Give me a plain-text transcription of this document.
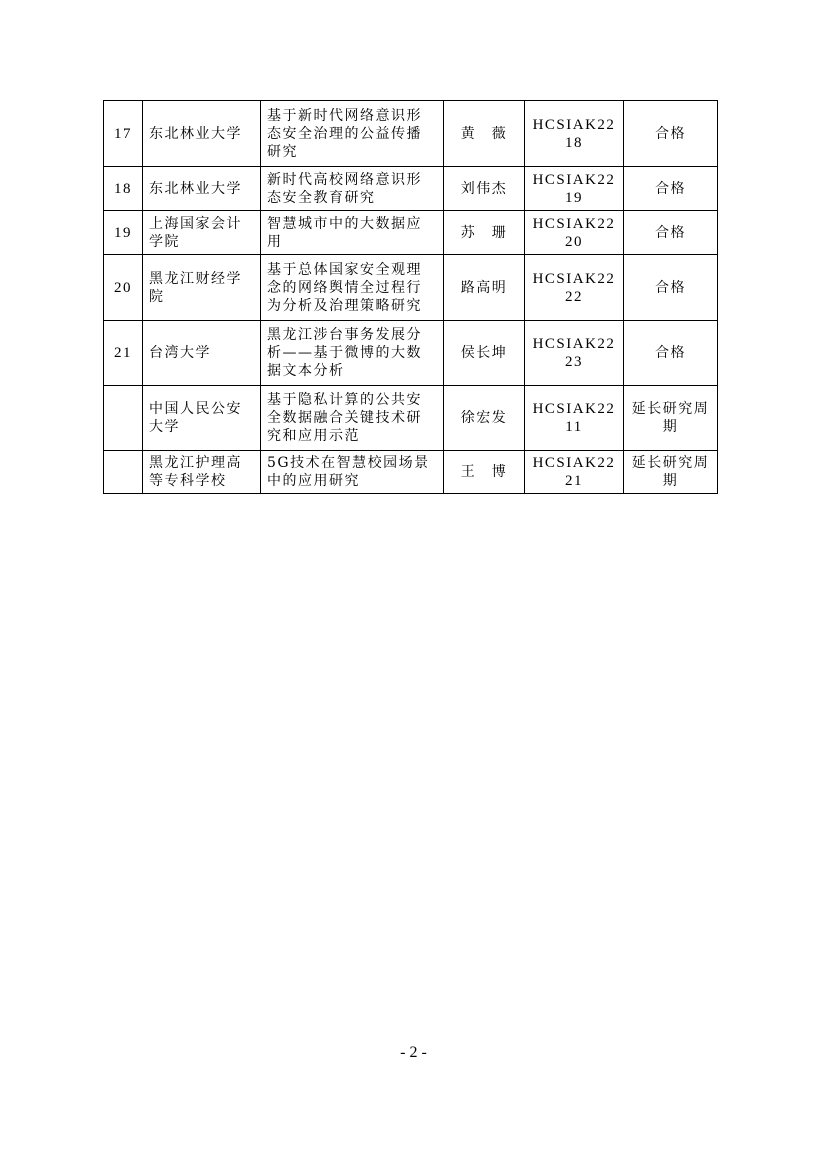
17	东北林业大学	基于新时代网络意识形态安全治理的公益传播研究	黄　薇	HCSIAK2218	合格
18	东北林业大学	新时代高校网络意识形态安全教育研究	刘伟杰	HCSIAK2219	合格
19	上海国家会计学院	智慧城市中的大数据应用	苏　珊	HCSIAK2220	合格
20	黑龙江财经学院	基于总体国家安全观理念的网络舆情全过程行为分析及治理策略研究	路高明	HCSIAK2222	合格
21	台湾大学	黑龙江涉台事务发展分析——基于微博的大数据文本分析	侯长坤	HCSIAK2223	合格
	中国人民公安大学	基于隐私计算的公共安全数据融合关键技术研究和应用示范	徐宏发	HCSIAK2211	延长研究周期
	黑龙江护理高等专科学校	5G技术在智慧校园场景中的应用研究	王　博	HCSIAK2221	延长研究周期
- 2 -
